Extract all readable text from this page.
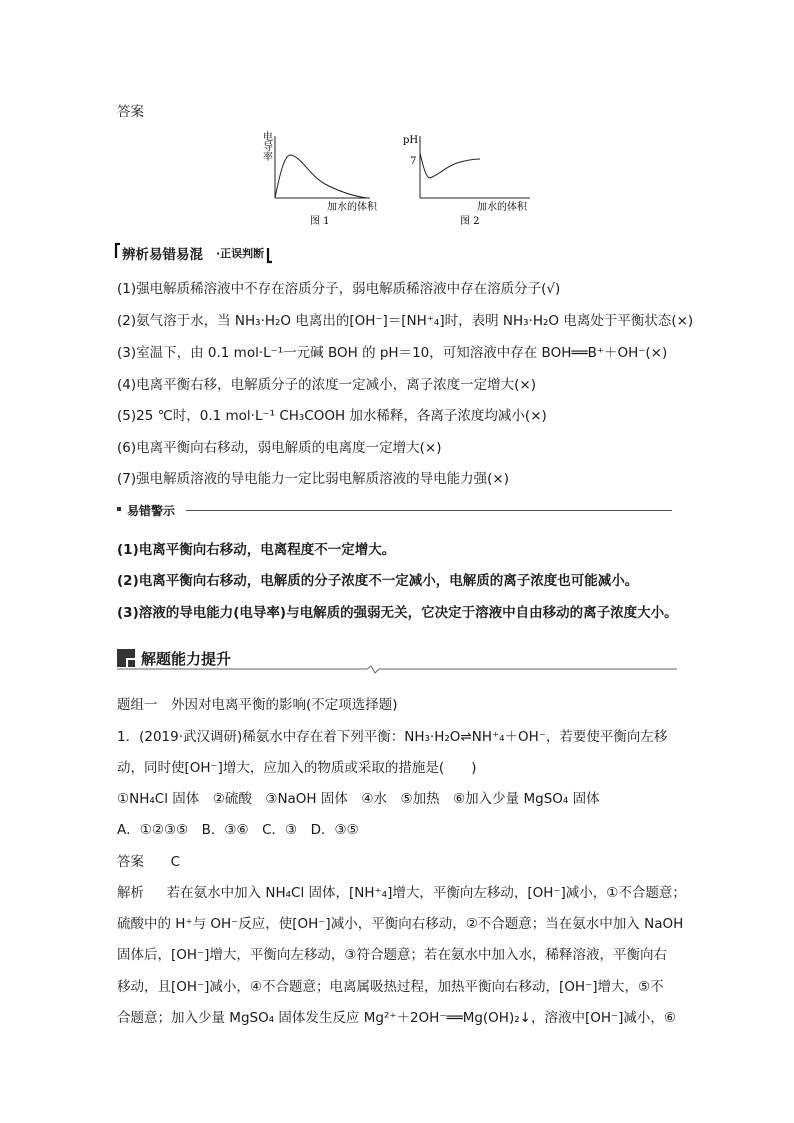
答案
电
导
率
加水的体积
图 1
pH
7
加水的体积
图 2
辨析易错易混 ·正误判断
(1)强电解质稀溶液中不存在溶质分子，弱电解质稀溶液中存在溶质分子(√)
(2)氨气溶于水，当 NH₃·H₂O 电离出的[OH⁻]＝[NH⁺₄]时，表明 NH₃·H₂O 电离处于平衡状态(×)
(3)室温下，由 0.1 mol·L⁻¹一元碱 BOH 的 pH＝10，可知溶液中存在 BOH══B⁺＋OH⁻(×)
(4)电离平衡右移，电解质分子的浓度一定减小，离子浓度一定增大(×)
(5)25 ℃时，0.1 mol·L⁻¹ CH₃COOH 加水稀释，各离子浓度均减小(×)
(6)电离平衡向右移动，弱电解质的电离度一定增大(×)
(7)强电解质溶液的导电能力一定比弱电解质溶液的导电能力强(×)
易错警示
(1)电离平衡向右移动，电离程度不一定增大。
(2)电离平衡向右移动，电解质的分子浓度不一定减小，电解质的离子浓度也可能减小。
(3)溶液的导电能力(电导率)与电解质的强弱无关，它决定于溶液中自由移动的离子浓度大小。
解题能力提升
题组一　外因对电离平衡的影响(不定项选择题)
1．(2019·武汉调研)稀氨水中存在着下列平衡：NH₃·H₂O⇌NH⁺₄＋OH⁻，若要使平衡向左移
动，同时使[OH⁻]增大，应加入的物质或采取的措施是(　　)
①NH₄Cl 固体　②硫酸　③NaOH 固体　④水　⑤加热　⑥加入少量 MgSO₄ 固体
A．①②③⑤　B．③⑥　C．③　D．③⑤
答案 C
解析 若在氨水中加入 NH₄Cl 固体，[NH⁺₄]增大，平衡向左移动，[OH⁻]减小，①不合题意；
硫酸中的 H⁺与 OH⁻反应，使[OH⁻]减小，平衡向右移动，②不合题意；当在氨水中加入 NaOH
固体后，[OH⁻]增大，平衡向左移动，③符合题意；若在氨水中加入水，稀释溶液，平衡向右
移动，且[OH⁻]减小，④不合题意；电离属吸热过程，加热平衡向右移动，[OH⁻]增大，⑤不
合题意；加入少量 MgSO₄ 固体发生反应 Mg²⁺＋2OH⁻══Mg(OH)₂↓，溶液中[OH⁻]减小，⑥
